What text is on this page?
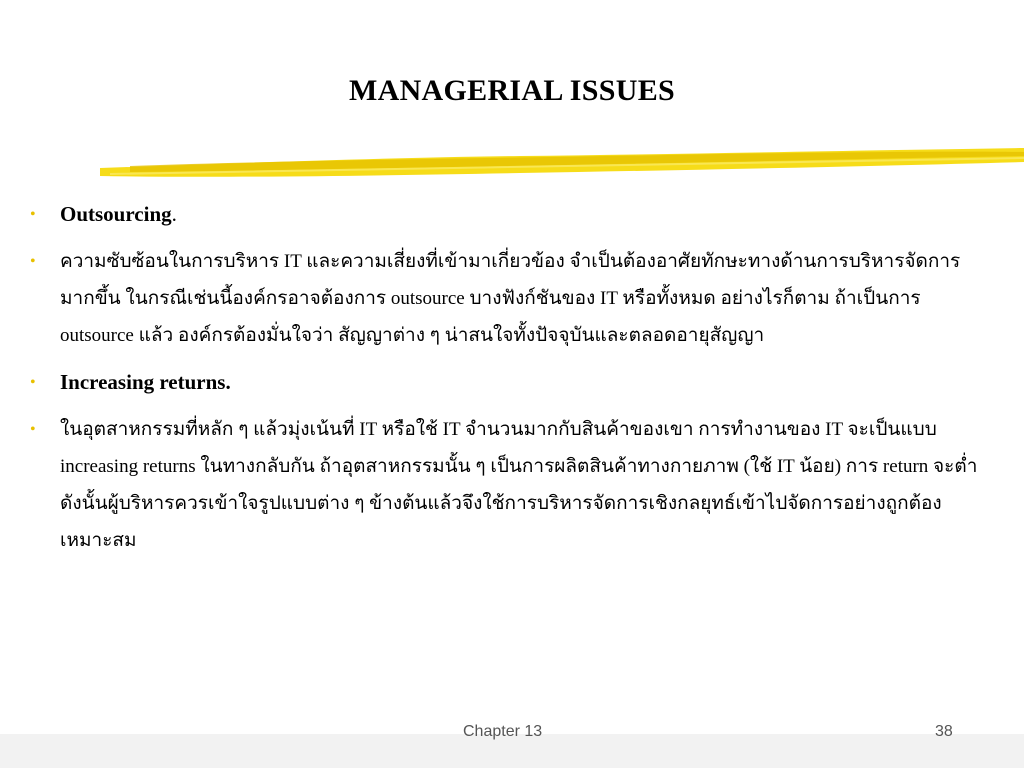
MANAGERIAL ISSUES
• Outsourcing.
• ความซับซ้อนในการบริหาร IT และความเสี่ยงที่เข้ามาเกี่ยวข้อง จำเป็นต้องอาศัยทักษะทางด้านการบริหารจัดการมากขึ้น ในกรณีเช่นนี้องค์กรอาจต้องการ outsource บางฟังก์ชันของ IT หรือทั้งหมด อย่างไรก็ตาม ถ้าเป็นการ outsource แล้ว องค์กรต้องมั่นใจว่า สัญญาต่าง ๆ น่าสนใจทั้งปัจจุบันและตลอดอายุสัญญา
• Increasing returns.
• ในอุตสาหกรรมที่หลัก ๆ แล้วมุ่งเน้นที่ IT หรือใช้ IT จำนวนมากกับสินค้าของเขา การทำงานของ IT จะเป็นแบบ increasing returns ในทางกลับกัน ถ้าอุตสาหกรรมนั้น ๆ เป็นการผลิตสินค้าทางกายภาพ (ใช้ IT น้อย) การ return จะต่ำ ดังนั้นผู้บริหารควรเข้าใจรูปแบบต่าง ๆ ข้างต้นแล้วจึงใช้การบริหารจัดการเชิงกลยุทธ์เข้าไปจัดการอย่างถูกต้องเหมาะสม
Chapter 13	38
